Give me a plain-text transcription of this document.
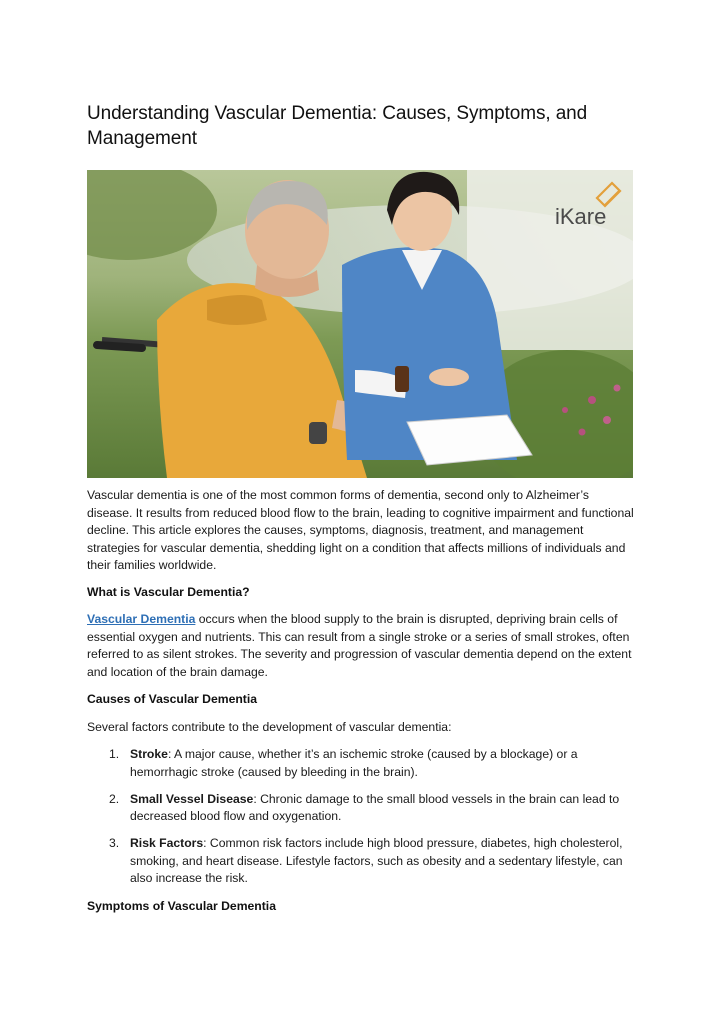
Understanding Vascular Dementia: Causes, Symptoms, and Management
iKare

Vascular dementia is one of the most common forms of dementia, second only to Alzheimer’s disease. It results from reduced blood flow to the brain, leading to cognitive impairment and functional decline. This article explores the causes, symptoms, diagnosis, treatment, and management strategies for vascular dementia, shedding light on a condition that affects millions of individuals and their families worldwide.

What is Vascular Dementia?

Vascular Dementia occurs when the blood supply to the brain is disrupted, depriving brain cells of essential oxygen and nutrients. This can result from a single stroke or a series of small strokes, often referred to as silent strokes. The severity and progression of vascular dementia depend on the extent and location of the brain damage.

Causes of Vascular Dementia

Several factors contribute to the development of vascular dementia:

1. Stroke: A major cause, whether it’s an ischemic stroke (caused by a blockage) or a hemorrhagic stroke (caused by bleeding in the brain).
2. Small Vessel Disease: Chronic damage to the small blood vessels in the brain can lead to decreased blood flow and oxygenation.
3. Risk Factors: Common risk factors include high blood pressure, diabetes, high cholesterol, smoking, and heart disease. Lifestyle factors, such as obesity and a sedentary lifestyle, can also increase the risk.

Symptoms of Vascular Dementia
